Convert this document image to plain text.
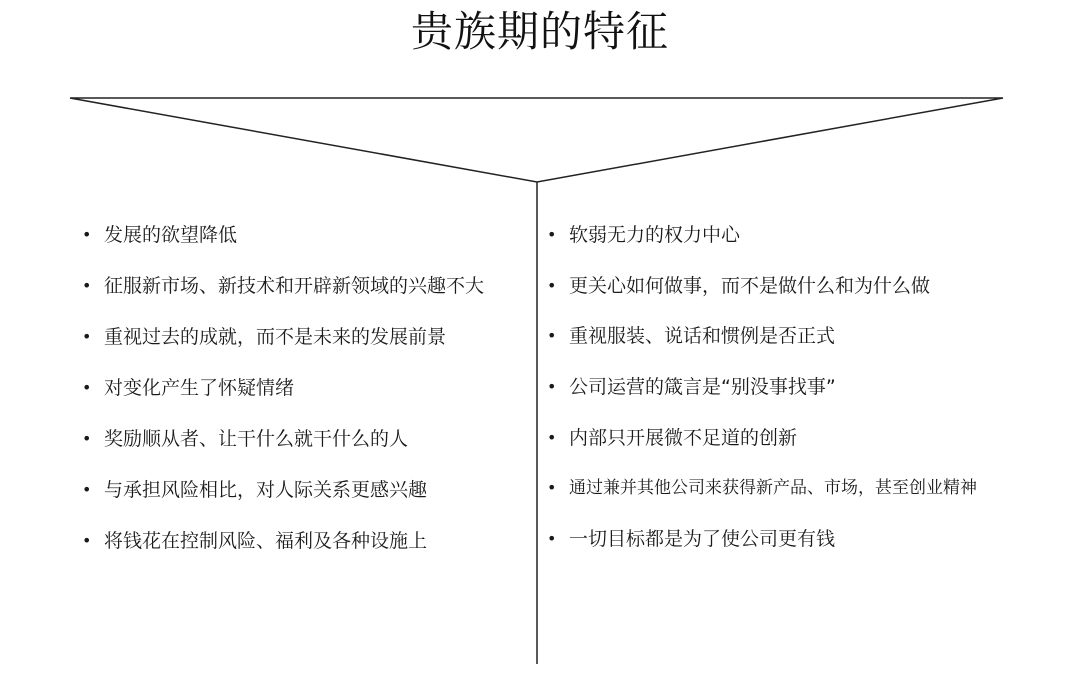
贵族期的特征
• 发展的欲望降低
• 征服新市场、新技术和开辟新领域的兴趣不大
• 重视过去的成就，而不是未来的发展前景
• 对变化产生了怀疑情绪
• 奖励顺从者、让干什么就干什么的人
• 与承担风险相比，对人际关系更感兴趣
• 将钱花在控制风险、福利及各种设施上
• 软弱无力的权力中心
• 更关心如何做事，而不是做什么和为什么做
• 重视服装、说话和惯例是否正式
• 公司运营的箴言是“别没事找事”
• 内部只开展微不足道的创新
• 通过兼并其他公司来获得新产品、市场，甚至创业精神
• 一切目标都是为了使公司更有钱
